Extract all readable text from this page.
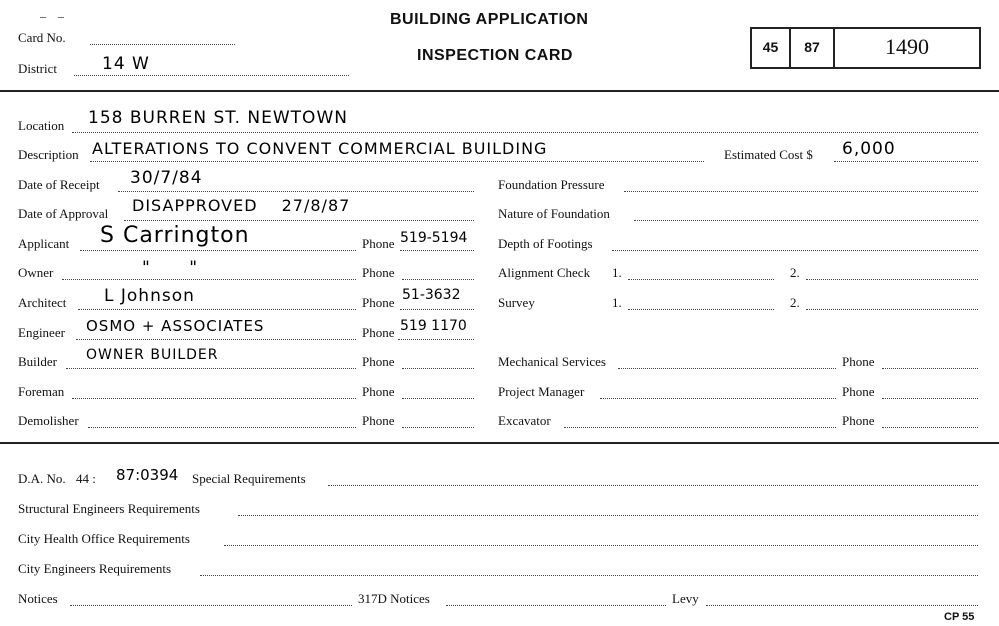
–    –
Card No.
District	14 W
BUILDING APPLICATION
INSPECTION CARD	45	87	1490
Location 158 BURREN ST. NEWTOWN
Description ALTERATIONS TO CONVENT COMMERCIAL BUILDING	Estimated Cost $ 6,000
Date of Receipt 30/7/84
Date of Approval DISAPPROVED 27/8/87
Applicant S Carrington	Phone 519-5194
Owner	"      "	Phone
Architect L Johnson	Phone 51-3632
Engineer OSMO + ASSOCIATES	Phone 519 1170
Builder OWNER BUILDER	Phone
Foreman	Phone
Demolisher	Phone
Foundation Pressure
Nature of Foundation
Depth of Footings
Alignment Check 1.	2.
Survey	1.	2.
Mechanical Services	Phone
Project Manager	Phone
Excavator	Phone
D.A. No. 44 : 87:0394 Special Requirements
Structural Engineers Requirements
City Health Office Requirements
City Engineers Requirements
Notices	317D Notices	Levy
CP 55
